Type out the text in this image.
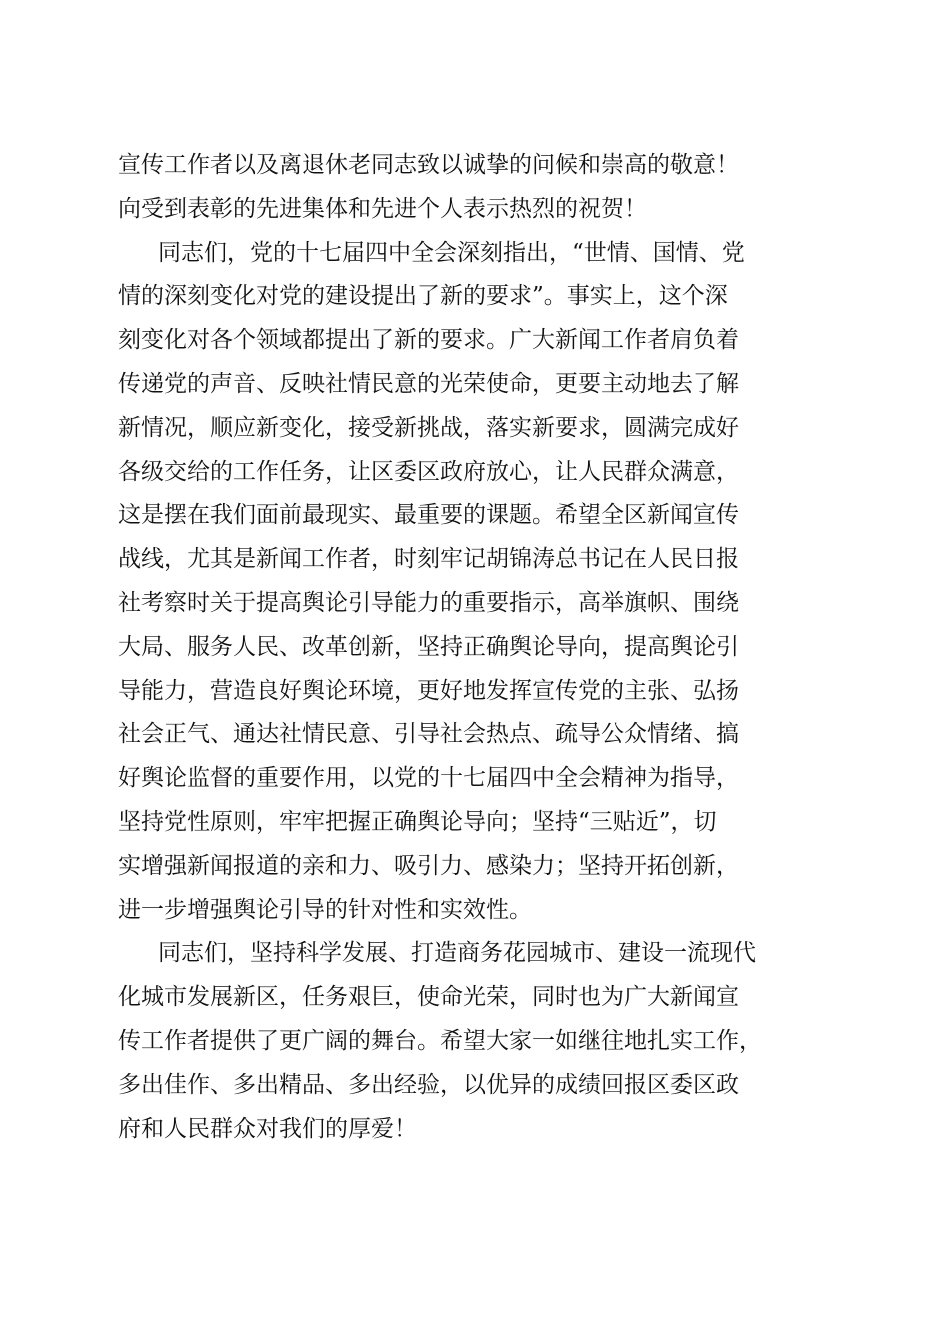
宣传工作者以及离退休老同志致以诚挚的问候和崇高的敬意！
向受到表彰的先进集体和先进个人表示热烈的祝贺！
同志们，党的十七届四中全会深刻指出，“世情、国情、党
情的深刻变化对党的建设提出了新的要求”。事实上，这个深
刻变化对各个领域都提出了新的要求。广大新闻工作者肩负着
传递党的声音、反映社情民意的光荣使命，更要主动地去了解
新情况，顺应新变化，接受新挑战，落实新要求，圆满完成好
各级交给的工作任务，让区委区政府放心，让人民群众满意，
这是摆在我们面前最现实、最重要的课题。希望全区新闻宣传
战线，尤其是新闻工作者，时刻牢记胡锦涛总书记在人民日报
社考察时关于提高舆论引导能力的重要指示，高举旗帜、围绕
大局、服务人民、改革创新，坚持正确舆论导向，提高舆论引
导能力，营造良好舆论环境，更好地发挥宣传党的主张、弘扬
社会正气、通达社情民意、引导社会热点、疏导公众情绪、搞
好舆论监督的重要作用，以党的十七届四中全会精神为指导，
坚持党性原则，牢牢把握正确舆论导向；坚持“三贴近”，切
实增强新闻报道的亲和力、吸引力、感染力；坚持开拓创新，
进一步增强舆论引导的针对性和实效性。
同志们，坚持科学发展、打造商务花园城市、建设一流现代
化城市发展新区，任务艰巨，使命光荣，同时也为广大新闻宣
传工作者提供了更广阔的舞台。希望大家一如继往地扎实工作，
多出佳作、多出精品、多出经验，以优异的成绩回报区委区政
府和人民群众对我们的厚爱！
